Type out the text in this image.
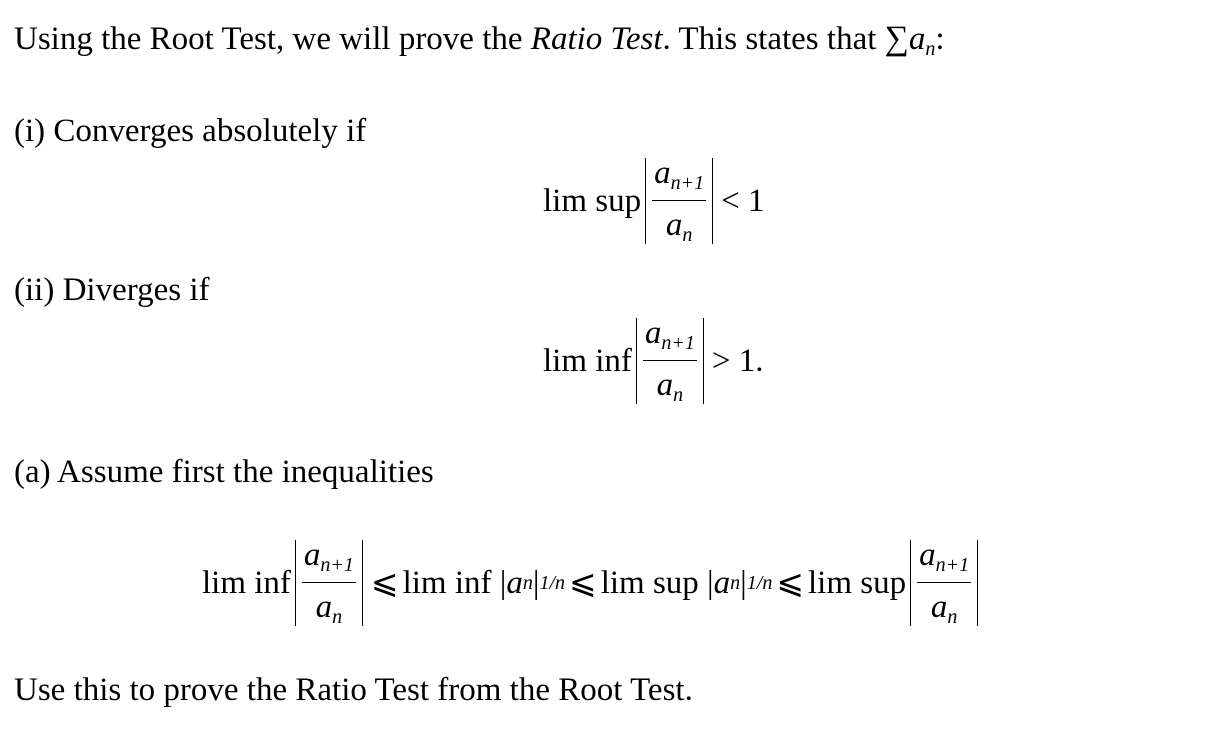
Using the Root Test, we will prove the Ratio Test. This states that $\sum a_n$:
(i) Converges absolutely if
lim sup $\frac{a_{n+1}}{a_n} < 1$
(ii) Diverges if
lim inf $\frac{a_{n+1}}{a_n} > 1$.
(a) Assume first the inequalities
lim inf $\frac{a_{n+1}}{a_n}$ ⩽ lim inf
| a n | 1/n ⩽ lim sup
| a n | 1/n ⩽ lim sup $\frac{a_{n+1}}{a_n}$
Use this to prove the Ratio Test from the Root Test.
